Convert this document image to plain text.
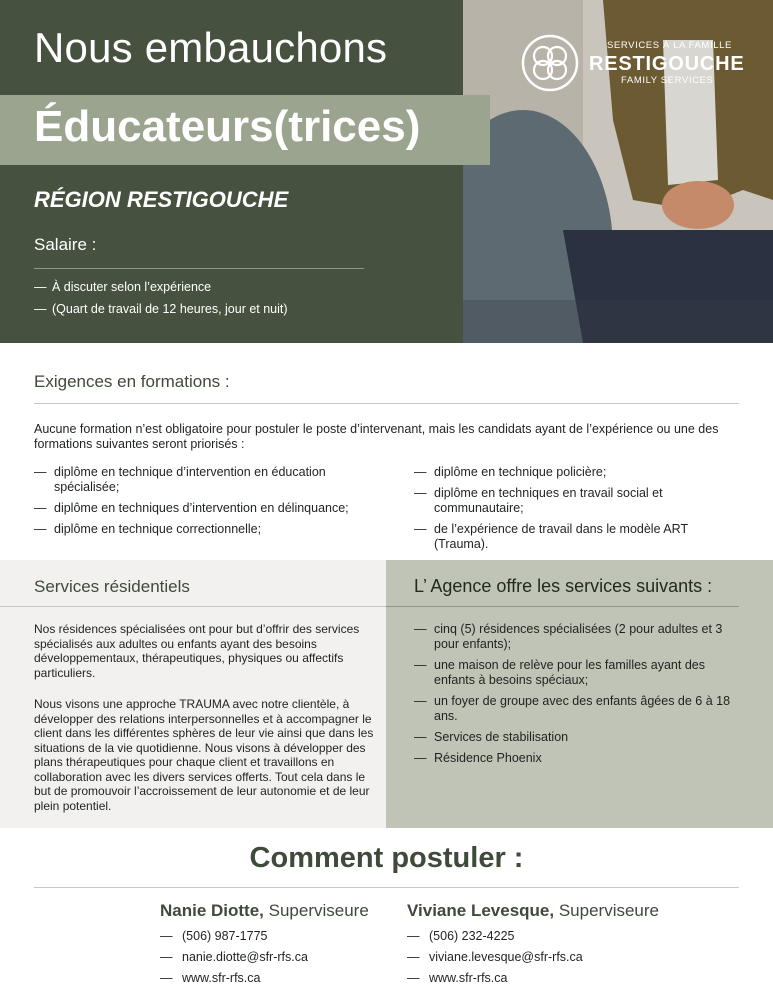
Nous embauchons
Éducateurs(trices)
RÉGION RESTIGOUCHE
Salaire :
— À discuter selon l’expérience
— (Quart de travail de 12 heures, jour et nuit)
SERVICES À LA FAMILLE
RESTIGOUCHE
FAMILY SERVICES
Exigences en formations :

Aucune formation n’est obligatoire pour postuler le poste d’intervenant, mais les candidats ayant de l’expérience ou une des formations suivantes seront priorisés :

— diplôme en technique d’intervention en éducation spécialisée;
— diplôme en techniques d’intervention en délinquance;
— diplôme en technique correctionnelle;
— diplôme en technique policière;
— diplôme en techniques en travail social et communautaire;
— de l’expérience de travail dans le modèle ART (Trauma).
Services résidentiels	L’ Agence offre les services suivants :

Nos résidences spécialisées ont pour but d’offrir des services spécialisés aux adultes ou enfants ayant des besoins développementaux, thérapeutiques, physiques ou affectifs particuliers.

Nous visons une approche TRAUMA avec notre clientèle, à développer des relations interpersonnelles et à accompagner le client dans les différentes sphères de leur vie ainsi que dans les situations de la vie quotidienne. Nous visons à développer des plans thérapeutiques pour chaque client et travaillons en collaboration avec les divers services offerts. Tout cela dans le but de promouvoir l’accroissement de leur autonomie et de leur plein potentiel.

— cinq (5) résidences spécialisées (2 pour adultes et 3 pour enfants);
— une maison de relève pour les familles ayant des enfants à besoins spéciaux;
— un foyer de groupe avec des enfants âgées de 6 à 18 ans.
— Services de stabilisation
— Résidence Phoenix
Comment postuler :
Nanie Diotte, Superviseure
— (506) 987-1775
— nanie.diotte@sfr-rfs.ca
— www.sfr-rfs.ca
Viviane Levesque, Superviseure
— (506) 232-4225
— viviane.levesque@sfr-rfs.ca
— www.sfr-rfs.ca
